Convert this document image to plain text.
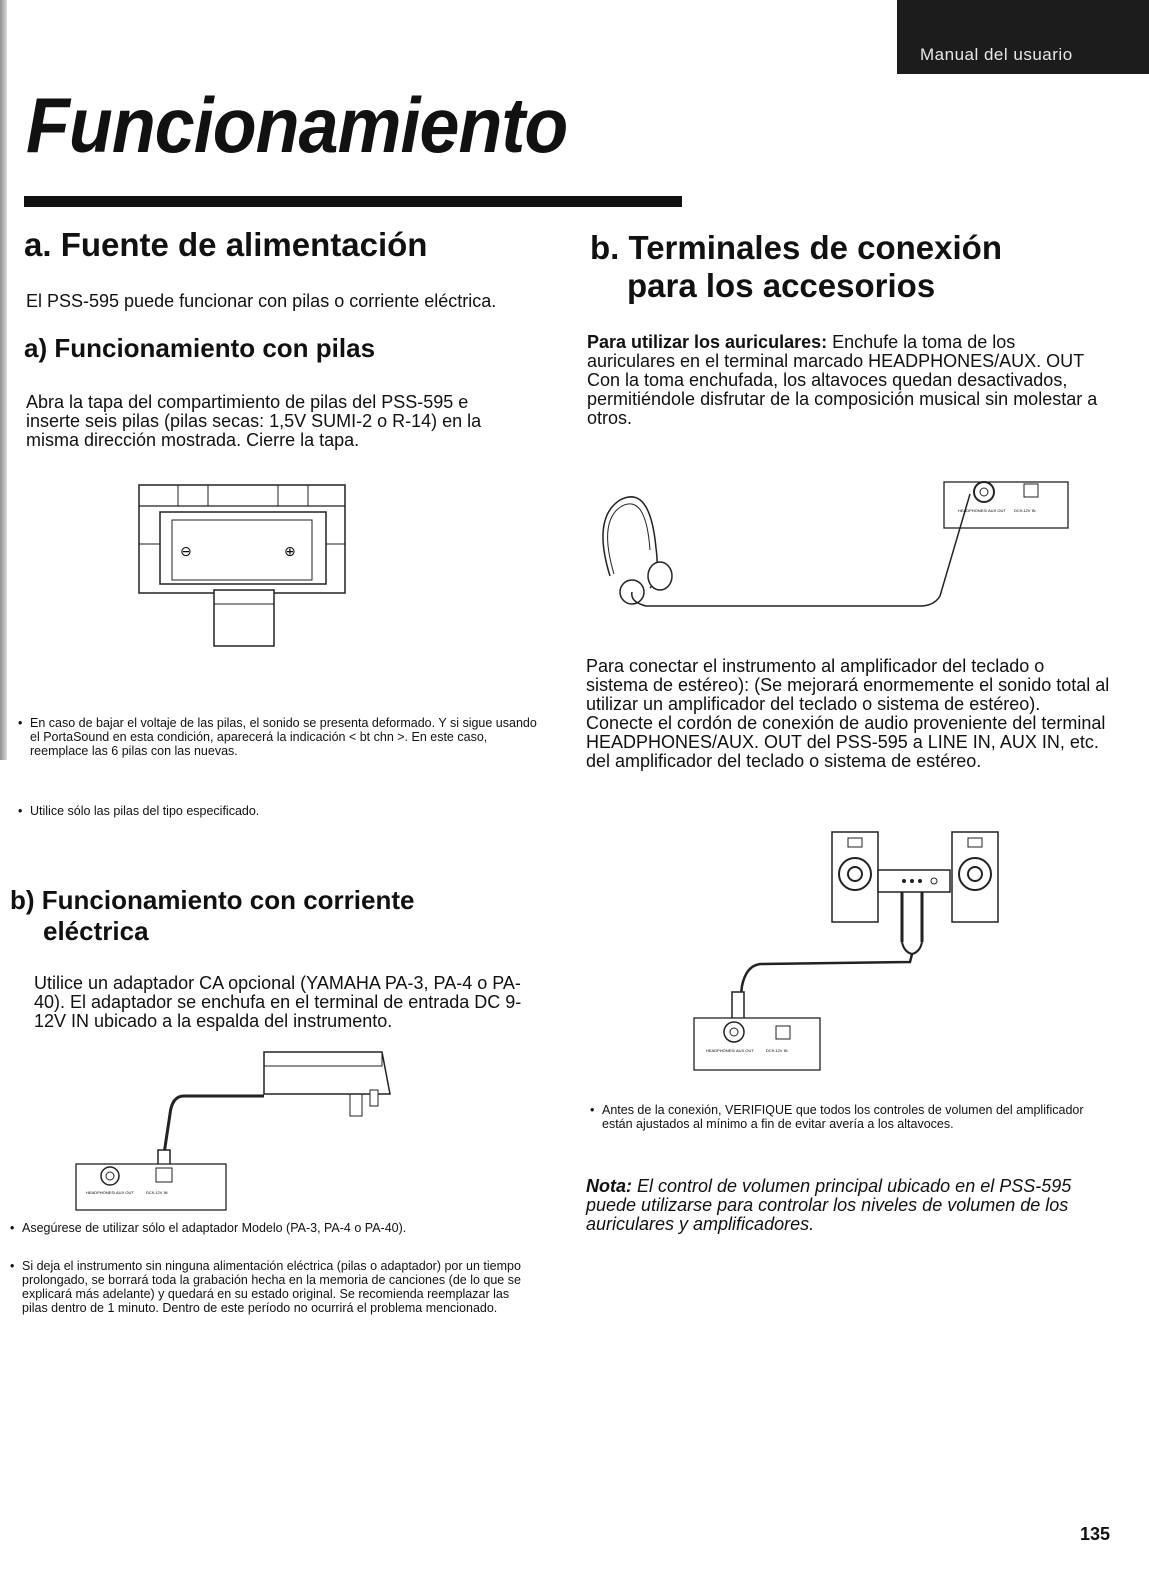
Manual del usuario
Funcionamiento
a. Fuente de alimentación
El PSS-595 puede funcionar con pilas o corriente eléctrica.
a) Funcionamiento con pilas
Abra la tapa del compartimiento de pilas del PSS-595 e inserte seis pilas (pilas secas: 1,5V SUMI-2 o R-14) en la misma dirección mostrada. Cierre la tapa.
⊖	⊕
• En caso de bajar el voltaje de las pilas, el sonido se presenta deformado. Y si sigue usando el PortaSound en esta condición, aparecerá la indicación < bt chn >. En este caso, reemplace las 6 pilas con las nuevas.
• Utilice sólo las pilas del tipo especificado.
b) Funcionamiento con corriente
eléctrica
Utilice un adaptador CA opcional (YAMAHA PA-3, PA-4 o PA-40). El adaptador se enchufa en el terminal de entrada DC 9-12V IN ubicado a la espalda del instrumento.
HEADPHONES/ AUX OUT	DC9-12V IN
• Asegúrese de utilizar sólo el adaptador Modelo (PA-3, PA-4 o PA-40).
• Si deja el instrumento sin ninguna alimentación eléctrica (pilas o adaptador) por un tiempo prolongado, se borrará toda la grabación hecha en la memoria de canciones (de lo que se explicará más adelante) y quedará en su estado original. Se recomienda reemplazar las pilas dentro de 1 minuto. Dentro de este período no ocurrirá el problema mencionado.
b. Terminales de conexión
para los accesorios
Para utilizar los auriculares: Enchufe la toma de los auriculares en el terminal marcado HEADPHONES/AUX. OUT Con la toma enchufada, los altavoces quedan desactivados, permitiéndole disfrutar de la composición musical sin molestar a otros.
HEADPHONES/ AUX OUT DC9-12V IN
Para conectar el instrumento al amplificador del teclado o sistema de estéreo): (Se mejorará enormemente el sonido total al utilizar un amplificador del teclado o sistema de estéreo). Conecte el cordón de conexión de audio proveniente del terminal HEADPHONES/AUX. OUT del PSS-595 a LINE IN, AUX IN, etc. del amplificador del teclado o sistema de estéreo.
HEADPHONES/ AUX OUT	DC9-12V IN
• Antes de la conexión, VERIFIQUE que todos los controles de volumen del amplificador están ajustados al mínimo a fin de evitar avería a los altavoces.
Nota: El control de volumen principal ubicado en el PSS-595 puede utilizarse para controlar los niveles de volumen de los auriculares y amplificadores.
135
